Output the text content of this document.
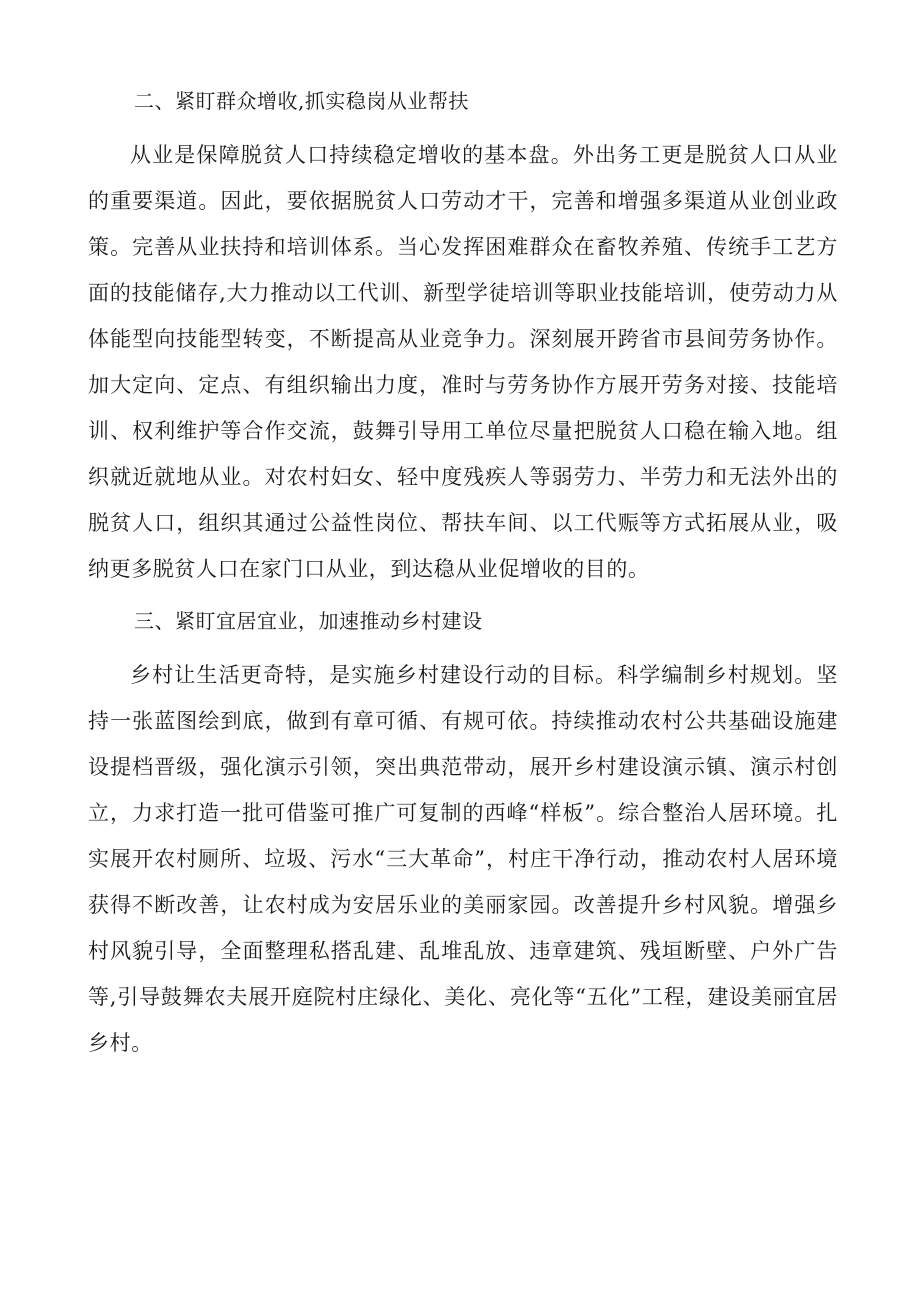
二、紧盯群众增收,抓实稳岗从业帮扶

从业是保障脱贫人口持续稳定增收的基本盘。外出务工更是脱贫人口从业的重要渠道。因此，要依据脱贫人口劳动才干，完善和增强多渠道从业创业政策。完善从业扶持和培训体系。当心发挥困难群众在畜牧养殖、传统手工艺方面的技能储存,大力推动以工代训、新型学徒培训等职业技能培训，使劳动力从体能型向技能型转变，不断提高从业竞争力。深刻展开跨省市县间劳务协作。加大定向、定点、有组织输出力度，准时与劳务协作方展开劳务对接、技能培训、权利维护等合作交流，鼓舞引导用工单位尽量把脱贫人口稳在输入地。组织就近就地从业。对农村妇女、轻中度残疾人等弱劳力、半劳力和无法外出的脱贫人口，组织其通过公益性岗位、帮扶车间、以工代赈等方式拓展从业，吸纳更多脱贫人口在家门口从业，到达稳从业促增收的目的。

三、紧盯宜居宜业，加速推动乡村建设

乡村让生活更奇特，是实施乡村建设行动的目标。科学编制乡村规划。坚持一张蓝图绘到底，做到有章可循、有规可依。持续推动农村公共基础设施建设提档晋级，强化演示引领，突出典范带动，展开乡村建设演示镇、演示村创立，力求打造一批可借鉴可推广可复制的西峰“样板”。综合整治人居环境。扎实展开农村厕所、垃圾、污水“三大革命”，村庄干净行动，推动农村人居环境获得不断改善，让农村成为安居乐业的美丽家园。改善提升乡村风貌。增强乡村风貌引导，全面整理私搭乱建、乱堆乱放、违章建筑、残垣断壁、户外广告等,引导鼓舞农夫展开庭院村庄绿化、美化、亮化等“五化”工程，建设美丽宜居乡村。
